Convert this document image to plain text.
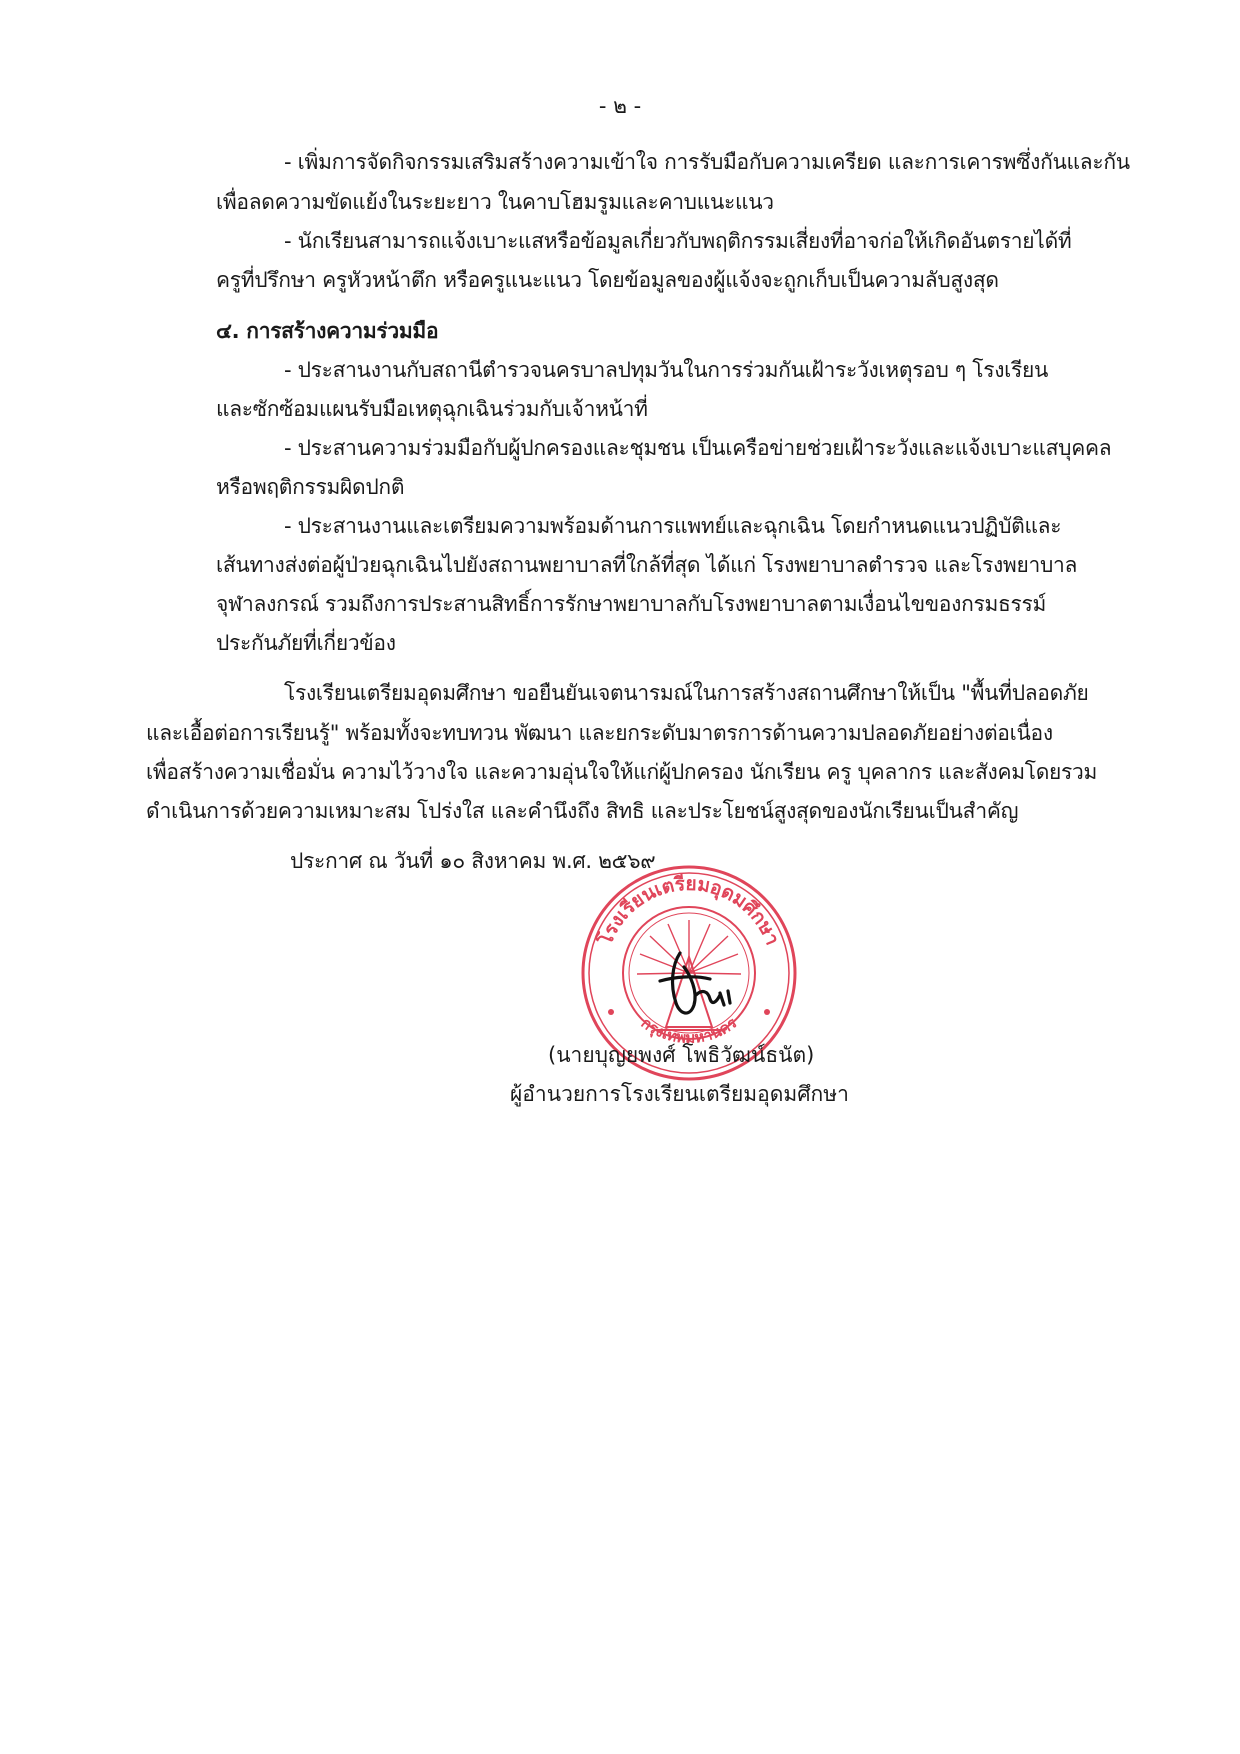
- ๒ -
- เพิ่มการจัดกิจกรรมเสริมสร้างความเข้าใจ การรับมือกับความเครียด และการเคารพซึ่งกันและกัน
เพื่อลดความขัดแย้งในระยะยาว ในคาบโฮมรูมและคาบแนะแนว
- นักเรียนสามารถแจ้งเบาะแสหรือข้อมูลเกี่ยวกับพฤติกรรมเสี่ยงที่อาจก่อให้เกิดอันตรายได้ที่
ครูที่ปรึกษา ครูหัวหน้าตึก หรือครูแนะแนว โดยข้อมูลของผู้แจ้งจะถูกเก็บเป็นความลับสูงสุด
๔. การสร้างความร่วมมือ
- ประสานงานกับสถานีตำรวจนครบาลปทุมวันในการร่วมกันเฝ้าระวังเหตุรอบ ๆ โรงเรียน
และซักซ้อมแผนรับมือเหตุฉุกเฉินร่วมกับเจ้าหน้าที่
- ประสานความร่วมมือกับผู้ปกครองและชุมชน เป็นเครือข่ายช่วยเฝ้าระวังและแจ้งเบาะแสบุคคล
หรือพฤติกรรมผิดปกติ
- ประสานงานและเตรียมความพร้อมด้านการแพทย์และฉุกเฉิน โดยกำหนดแนวปฏิบัติและ
เส้นทางส่งต่อผู้ป่วยฉุกเฉินไปยังสถานพยาบาลที่ใกล้ที่สุด ได้แก่ โรงพยาบาลตำรวจ และโรงพยาบาล
จุฬาลงกรณ์ รวมถึงการประสานสิทธิ์การรักษาพยาบาลกับโรงพยาบาลตามเงื่อนไขของกรมธรรม์
ประกันภัยที่เกี่ยวข้อง
โรงเรียนเตรียมอุดมศึกษา ขอยืนยันเจตนารมณ์ในการสร้างสถานศึกษาให้เป็น "พื้นที่ปลอดภัย
และเอื้อต่อการเรียนรู้" พร้อมทั้งจะทบทวน พัฒนา และยกระดับมาตรการด้านความปลอดภัยอย่างต่อเนื่อง
เพื่อสร้างความเชื่อมั่น ความไว้วางใจ และความอุ่นใจให้แก่ผู้ปกครอง นักเรียน ครู บุคลากร และสังคมโดยรวม
ดำเนินการด้วยความเหมาะสม โปร่งใส และคำนึงถึง สิทธิ และประโยชน์สูงสุดของนักเรียนเป็นสำคัญ
ประกาศ ณ วันที่ ๑๐ สิงหาคม พ.ศ. ๒๕๖๙
โรงเรียนเตรียมอุดมศึกษา
กรุงเทพมหานคร
(นายบุญยพงศ์ โพธิวัฒน์ธนัต)
ผู้อำนวยการโรงเรียนเตรียมอุดมศึกษา
